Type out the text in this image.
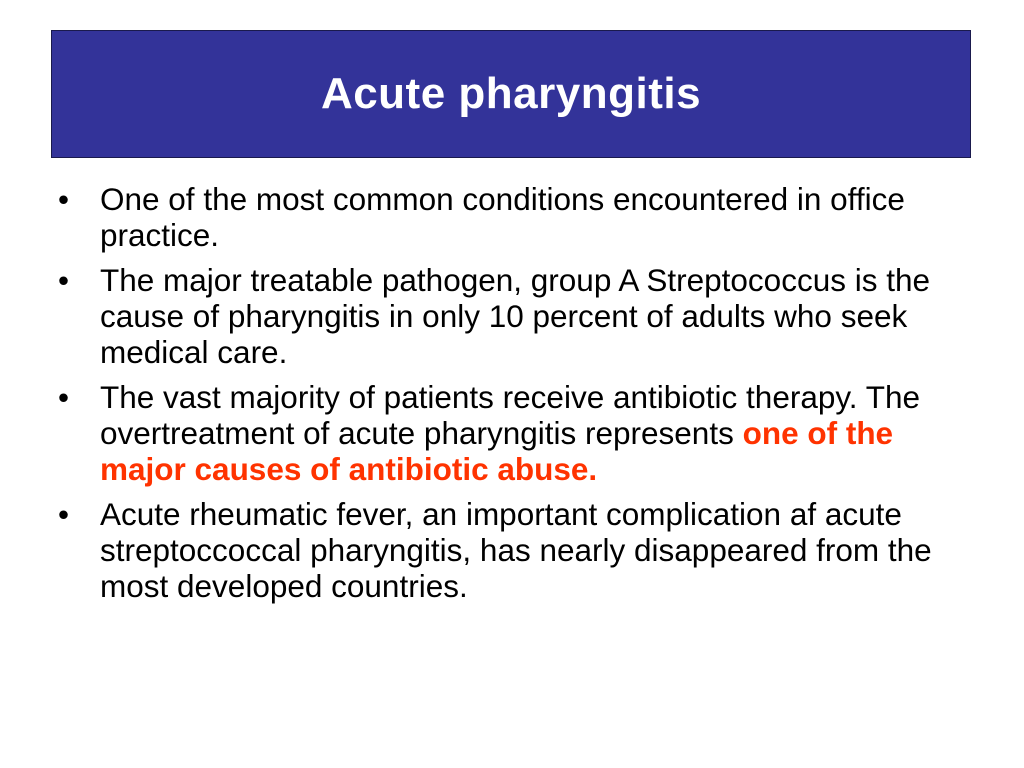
Acute pharyngitis
• One of the most common conditions encountered in office practice.
• The major treatable pathogen, group A Streptococcus is the cause of pharyngitis in only 10 percent of adults who seek medical care.
• The vast majority of patients receive antibiotic therapy. The overtreatment of acute pharyngitis represents one of the major causes of antibiotic abuse.
• Acute rheumatic fever, an important complication af acute streptoccoccal pharyngitis, has nearly disappeared from the most developed countries.
